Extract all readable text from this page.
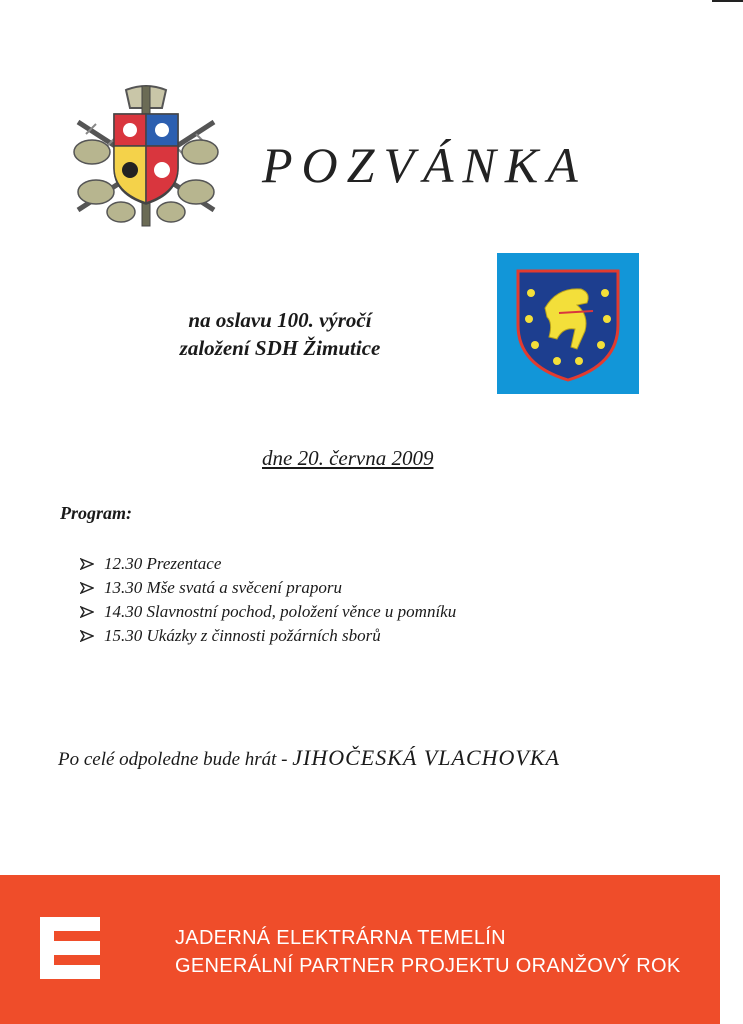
POZVÁNKA
na oslavu 100. výročí
založení SDH Žimutice
dne 20. června 2009
Program:
12.30 Prezentace
13.30 Mše svatá a svěcení praporu
14.30 Slavnostní pochod, položení věnce u pomníku
15.30 Ukázky z činnosti požárních sborů
Po celé odpoledne bude hrát - JIHOČESKÁ VLACHOVKA
JADERNÁ ELEKTRÁRNA TEMELÍN
GENERÁLNÍ PARTNER PROJEKTU ORANŽOVÝ ROK
